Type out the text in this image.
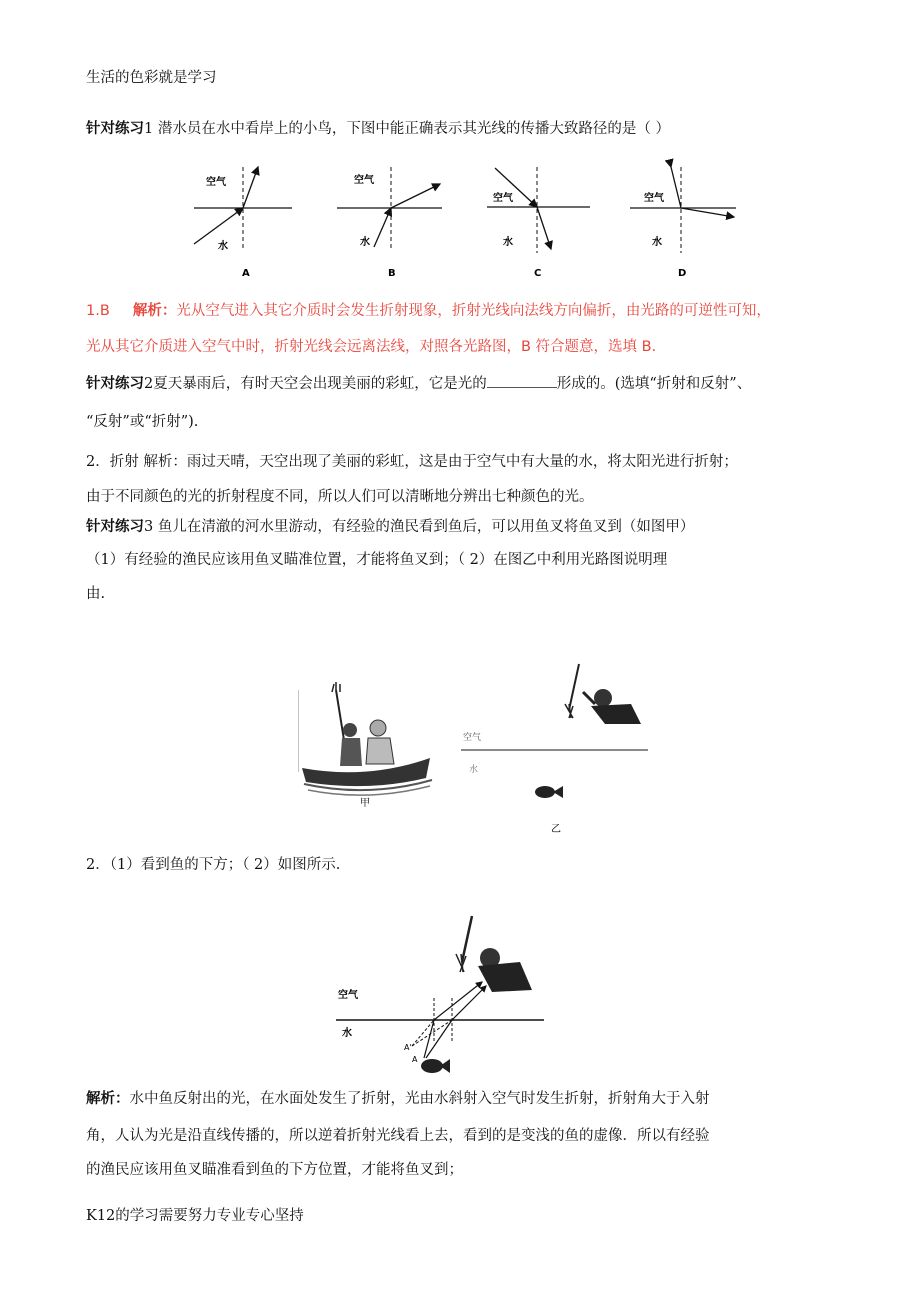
生活的色彩就是学习
针对练习1 潜水员在水中看岸上的小鸟，下图中能正确表示其光线的传播大致路径的是（ ）
空气
水
A
空气
水
B
空气
水
C
空气
水
D
1.B 解析：光从空气进入其它介质时会发生折射现象，折射光线向法线方向偏折，由光路的可逆性可知，
光从其它介质进入空气中时，折射光线会远离法线，对照各光路图，B 符合题意，选填 B.
针对练习2夏天暴雨后，有时天空会出现美丽的彩虹，它是光的	形成的。(选填“折射和反射”、
“反射”或“折射”).
2．折射 解析：雨过天晴，天空出现了美丽的彩虹，这是由于空气中有大量的水，将太阳光进行折射；
由于不同颜色的光的折射程度不同，所以人们可以清晰地分辨出七种颜色的光。
针对练习3 鱼儿在清澈的河水里游动，有经验的渔民看到鱼后，可以用鱼叉将鱼叉到（如图甲）
（1）有经验的渔民应该用鱼叉瞄准位置，才能将鱼叉到；（ 2）在图乙中利用光路图说明理
由.
甲
空气
水
乙
2．（1）看到鱼的下方；（ 2）如图所示.
空气
水
A'
A
解析：水中鱼反射出的光，在水面处发生了折射，光由水斜射入空气时发生折射，折射角大于入射
角，人认为光是沿直线传播的，所以逆着折射光线看上去，看到的是变浅的鱼的虚像．所以有经验
的渔民应该用鱼叉瞄准看到鱼的下方位置，才能将鱼叉到；
K12的学习需要努力专业专心坚持
